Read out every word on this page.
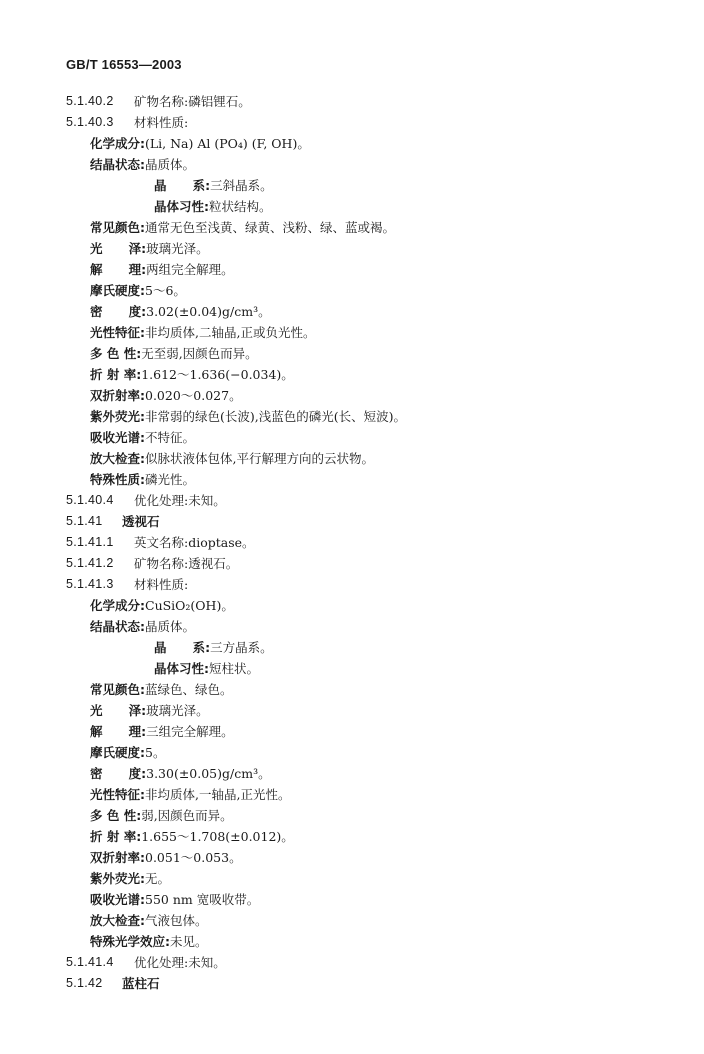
GB/T 16553—2003
5.1.40.2 矿物名称:磷铝锂石。
5.1.40.3 材料性质:
化学成分:(Li, Na) Al (PO₄) (F, OH)。
结晶状态:晶质体。
晶      系:三斜晶系。
晶体习性:粒状结构。
常见颜色:通常无色至浅黄、绿黄、浅粉、绿、蓝或褐。
光      泽:玻璃光泽。
解      理:两组完全解理。
摩氏硬度:5～6。
密      度:3.02(±0.04)g/cm³。
光性特征:非均质体,二轴晶,正或负光性。
多 色 性:无至弱,因颜色而异。
折 射 率:1.612～1.636(−0.034)。
双折射率:0.020～0.027。
紫外荧光:非常弱的绿色(长波),浅蓝色的磷光(长、短波)。
吸收光谱:不特征。
放大检查:似脉状液体包体,平行解理方向的云状物。
特殊性质:磷光性。
5.1.40.4 优化处理:未知。
5.1.41 透视石
5.1.41.1 英文名称:dioptase。
5.1.41.2 矿物名称:透视石。
5.1.41.3 材料性质:
化学成分:CuSiO₂(OH)。
结晶状态:晶质体。
晶      系:三方晶系。
晶体习性:短柱状。
常见颜色:蓝绿色、绿色。
光      泽:玻璃光泽。
解      理:三组完全解理。
摩氏硬度:5。
密      度:3.30(±0.05)g/cm³。
光性特征:非均质体,一轴晶,正光性。
多 色 性:弱,因颜色而异。
折 射 率:1.655～1.708(±0.012)。
双折射率:0.051～0.053。
紫外荧光:无。
吸收光谱:550 nm 宽吸收带。
放大检查:气液包体。
特殊光学效应:未见。
5.1.41.4 优化处理:未知。
5.1.42 蓝柱石
